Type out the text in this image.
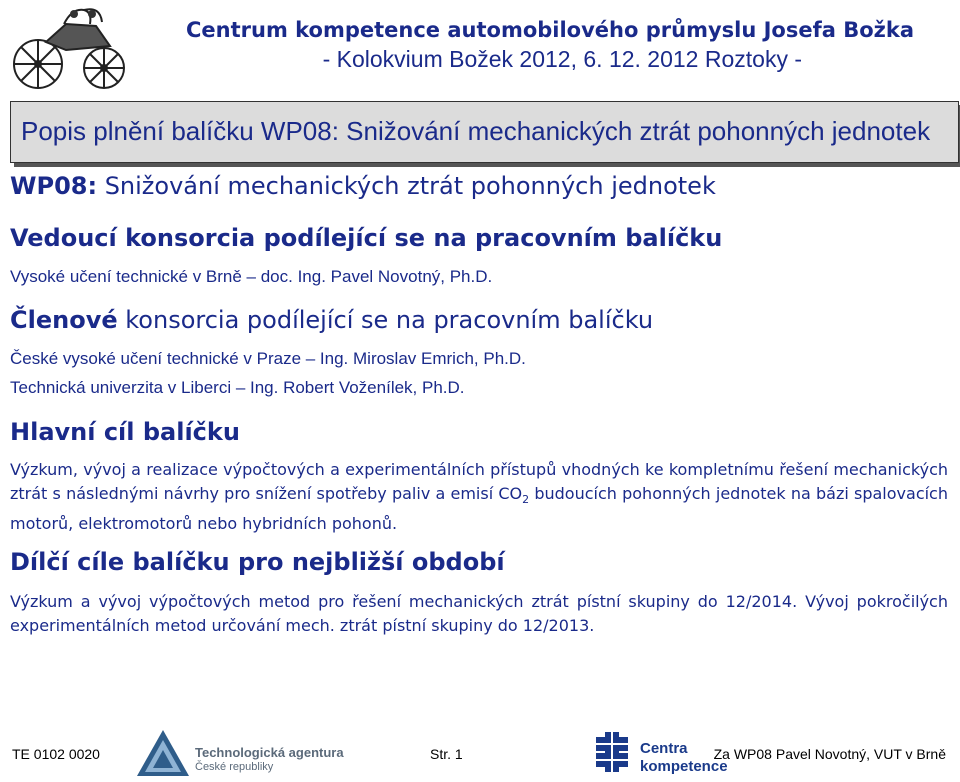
Centrum kompetence automobilového průmyslu Josefa Božka
- Kolokvium Božek 2012, 6. 12. 2012 Roztoky -
Popis plnění balíčku WP08: Snižování mechanických ztrát pohonných jednotek
WP08: Snižování mechanických ztrát pohonných jednotek
Vedoucí konsorcia podílející se na pracovním balíčku
Vysoké učení technické v Brně – doc. Ing. Pavel Novotný, Ph.D.
Členové konsorcia podílející se na pracovním balíčku
České vysoké učení technické v Praze – Ing. Miroslav Emrich, Ph.D.
Technická univerzita v Liberci – Ing. Robert Voženílek, Ph.D.
Hlavní cíl balíčku
Výzkum, vývoj a realizace výpočtových a experimentálních přístupů vhodných ke kompletnímu řešení mechanických ztrát s následnými návrhy pro snížení spotřeby paliv a emisí $CO_2$ budoucích pohonných jednotek na bázi spalovacích motorů, elektromotorů nebo hybridních pohonů.
Dílčí cíle balíčku pro nejbližší období
Výzkum a vývoj výpočtových metod pro řešení mechanických ztrát pístní skupiny do 12/2014. Vývoj pokročilých experimentálních metod určování mech. ztrát pístní skupiny do 12/2013.
TE 0102 0020	Technologická agentura
České republiky
Str. 1	Centra
kompetence
Za WP08 Pavel Novotný, VUT v Brně
